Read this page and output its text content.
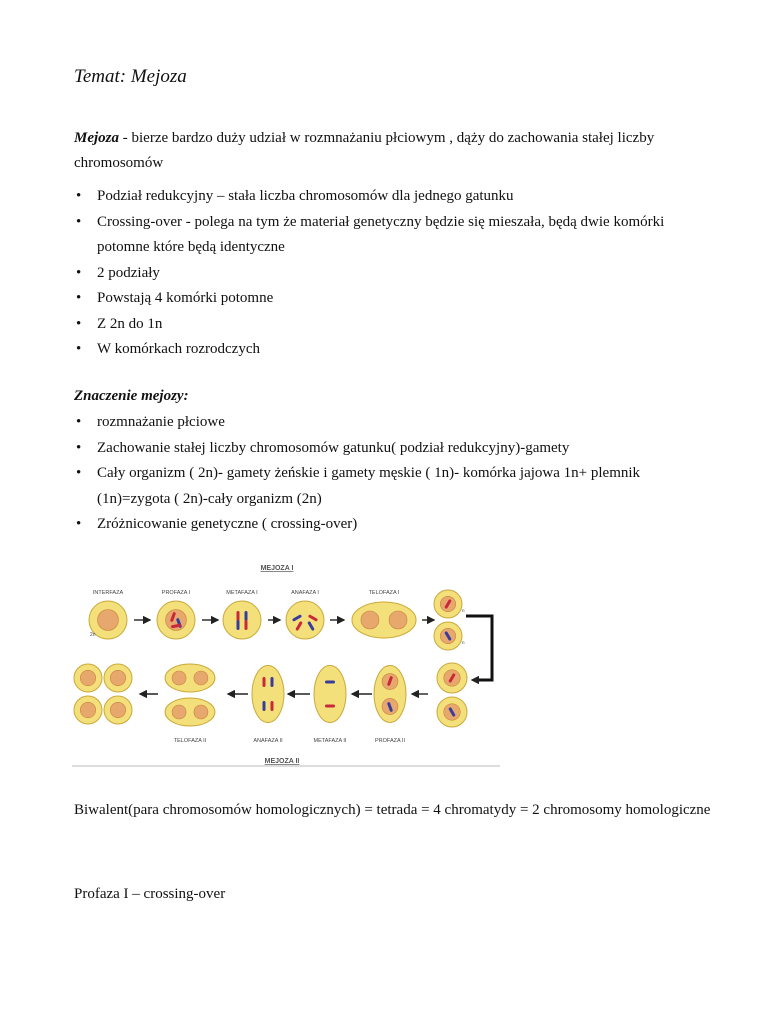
Temat: Mejoza
Mejoza - bierze bardzo duży udział w rozmnażaniu płciowym , dąży do zachowania stałej liczby chromosomów
• Podział redukcyjny – stała liczba chromosomów dla jednego gatunku
• Crossing-over - polega na tym że materiał genetyczny będzie się mieszała, będą dwie komórki potomne które będą identyczne
• 2 podziały
• Powstają 4 komórki potomne
• Z 2n do 1n
• W komórkach rozrodczych
Znaczenie mejozy:
• rozmnażanie płciowe
• Zachowanie stałej liczby chromosomów gatunku( podział redukcyjny)-gamety
• Cały organizm ( 2n)- gamety żeńskie i gamety męskie ( 1n)- komórka jajowa 1n+ plemnik (1n)=zygota ( 2n)-cały organizm (2n)
• Zróżnicowanie genetyczne ( crossing-over)
INTERFAZA	PROFAZA I	METAFAZA I	ANAFAZA I	TELOFAZA I
2n
n
n
TELOFAZA II	ANAFAZA II	METAFAZA II	PROFAZA II
MEJOZA I
MEJOZA II
Biwalent(para chromosomów homologicznych) = tetrada = 4 chromatydy = 2 chromosomy homologiczne
Profaza I – crossing-over
